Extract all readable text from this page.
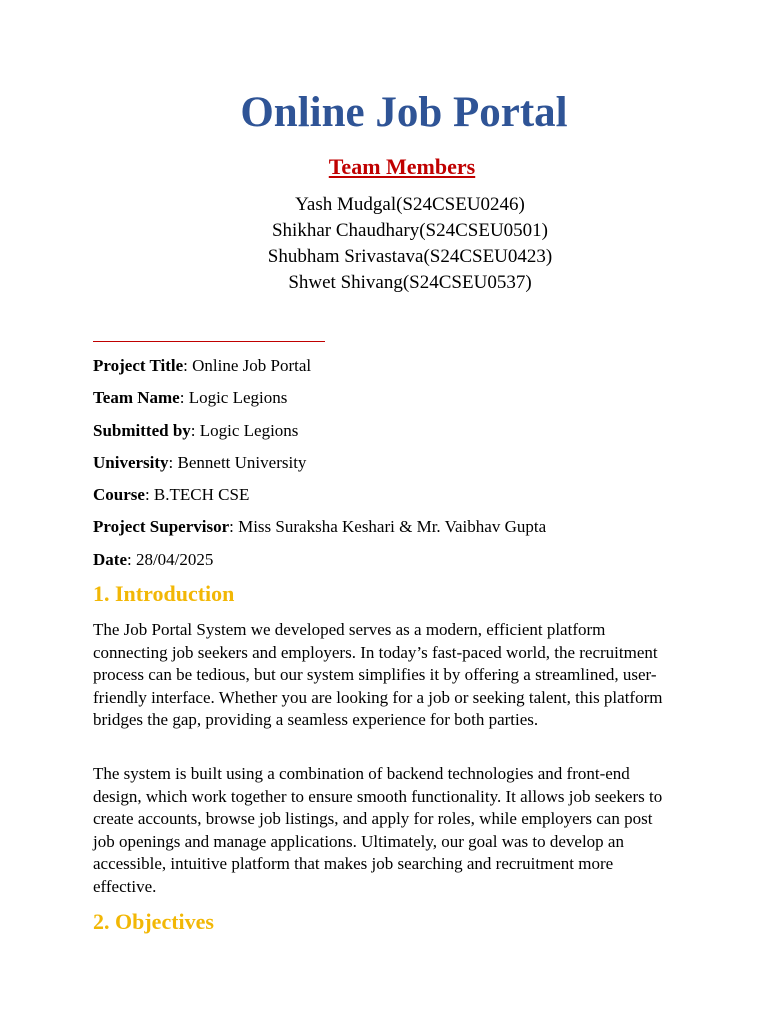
Online Job Portal
Team Members
Yash Mudgal(S24CSEU0246)
Shikhar Chaudhary(S24CSEU0501)
Shubham Srivastava(S24CSEU0423)
Shwet Shivang(S24CSEU0537)
Project Title: Online Job Portal
Team Name: Logic Legions
Submitted by: Logic Legions
University: Bennett University
Course: B.TECH CSE
Project Supervisor: Miss Suraksha Keshari & Mr. Vaibhav Gupta
Date: 28/04/2025
1. Introduction

The Job Portal System we developed serves as a modern, efficient platform connecting job seekers and employers. In today’s fast-paced world, the recruitment process can be tedious, but our system simplifies it by offering a streamlined, user-friendly interface. Whether you are looking for a job or seeking talent, this platform bridges the gap, providing a seamless experience for both parties.

The system is built using a combination of backend technologies and front-end design, which work together to ensure smooth functionality. It allows job seekers to create accounts, browse job listings, and apply for roles, while employers can post job openings and manage applications. Ultimately, our goal was to develop an accessible, intuitive platform that makes job searching and recruitment more effective.

2. Objectives
